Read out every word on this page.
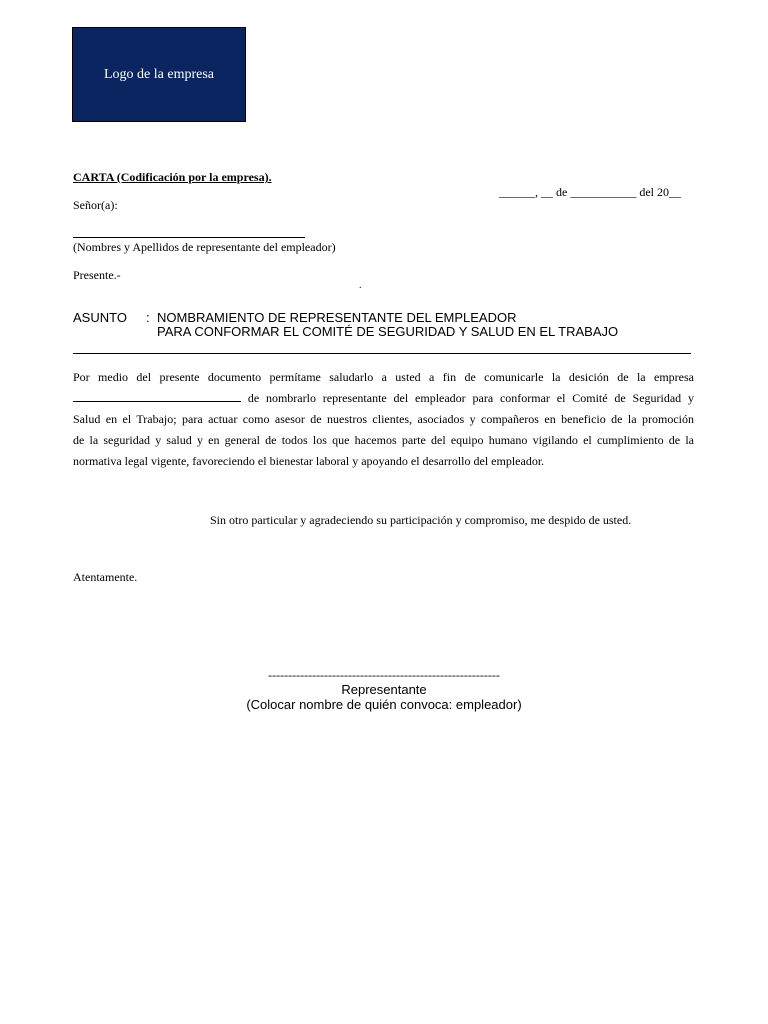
Logo de la empresa
CARTA (Codificación por la empresa).
______, __ de ___________ del 20__
Señor(a):
(Nombres y Apellidos de representante del empleador)
Presente.-
.
ASUNTO : NOMBRAMIENTO DE REPRESENTANTE DEL EMPLEADOR
PARA CONFORMAR EL COMITÉ DE SEGURIDAD Y SALUD EN EL TRABAJO
Por medio del presente documento permítame saludarlo a usted a fin de comunicarle la desición de la empresa
de nombrarlo representante del empleador para conformar el Comité de Seguridad y
Salud en el Trabajo; para actuar como asesor de nuestros clientes, asociados y compañeros en beneficio de la promoción
de la seguridad y salud y en general de todos los que hacemos parte del equipo humano vigilando el cumplimiento de la
normativa legal vigente, favoreciendo el bienestar laboral y apoyando el desarrollo del empleador.
Sin otro particular y agradeciendo su participación y compromiso, me despido de usted.
Atentamente.
----------------------------------------------------------
Representante
(Colocar nombre de quién convoca: empleador)
